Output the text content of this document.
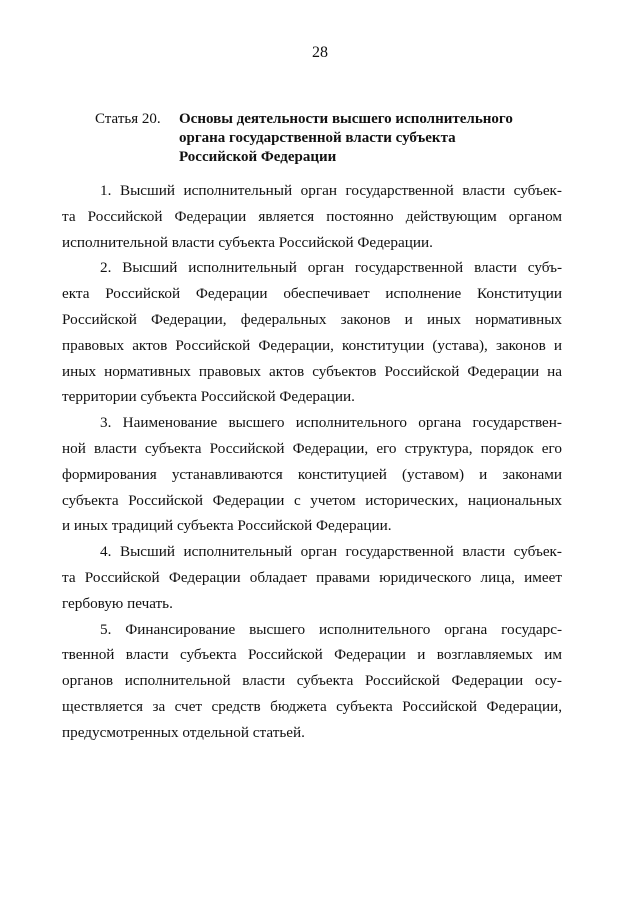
28
Статья 20. Основы деятельности высшего исполнительного
органа государственной власти субъекта
Российской Федерации
1. Высший исполнительный орган государственной власти субъек-
та Российской Федерации является постоянно действующим органом
исполнительной власти субъекта Российской Федерации.
2. Высший исполнительный орган государственной власти субъ-
екта Российской Федерации обеспечивает исполнение Конституции
Российской Федерации, федеральных законов и иных нормативных
правовых актов Российской Федерации, конституции (устава), законов и
иных нормативных правовых актов субъектов Российской Федерации на
территории субъекта Российской Федерации.
3. Наименование высшего исполнительного органа государствен-
ной власти субъекта Российской Федерации, его структура, порядок его
формирования устанавливаются конституцией (уставом) и законами
субъекта Российской Федерации с учетом исторических, национальных
и иных традиций субъекта Российской Федерации.
4. Высший исполнительный орган государственной власти субъек-
та Российской Федерации обладает правами юридического лица, имеет
гербовую печать.
5. Финансирование высшего исполнительного органа государс-
твенной власти субъекта Российской Федерации и возглавляемых им
органов исполнительной власти субъекта Российской Федерации осу-
ществляется за счет средств бюджета субъекта Российской Федерации,
предусмотренных отдельной статьей.
